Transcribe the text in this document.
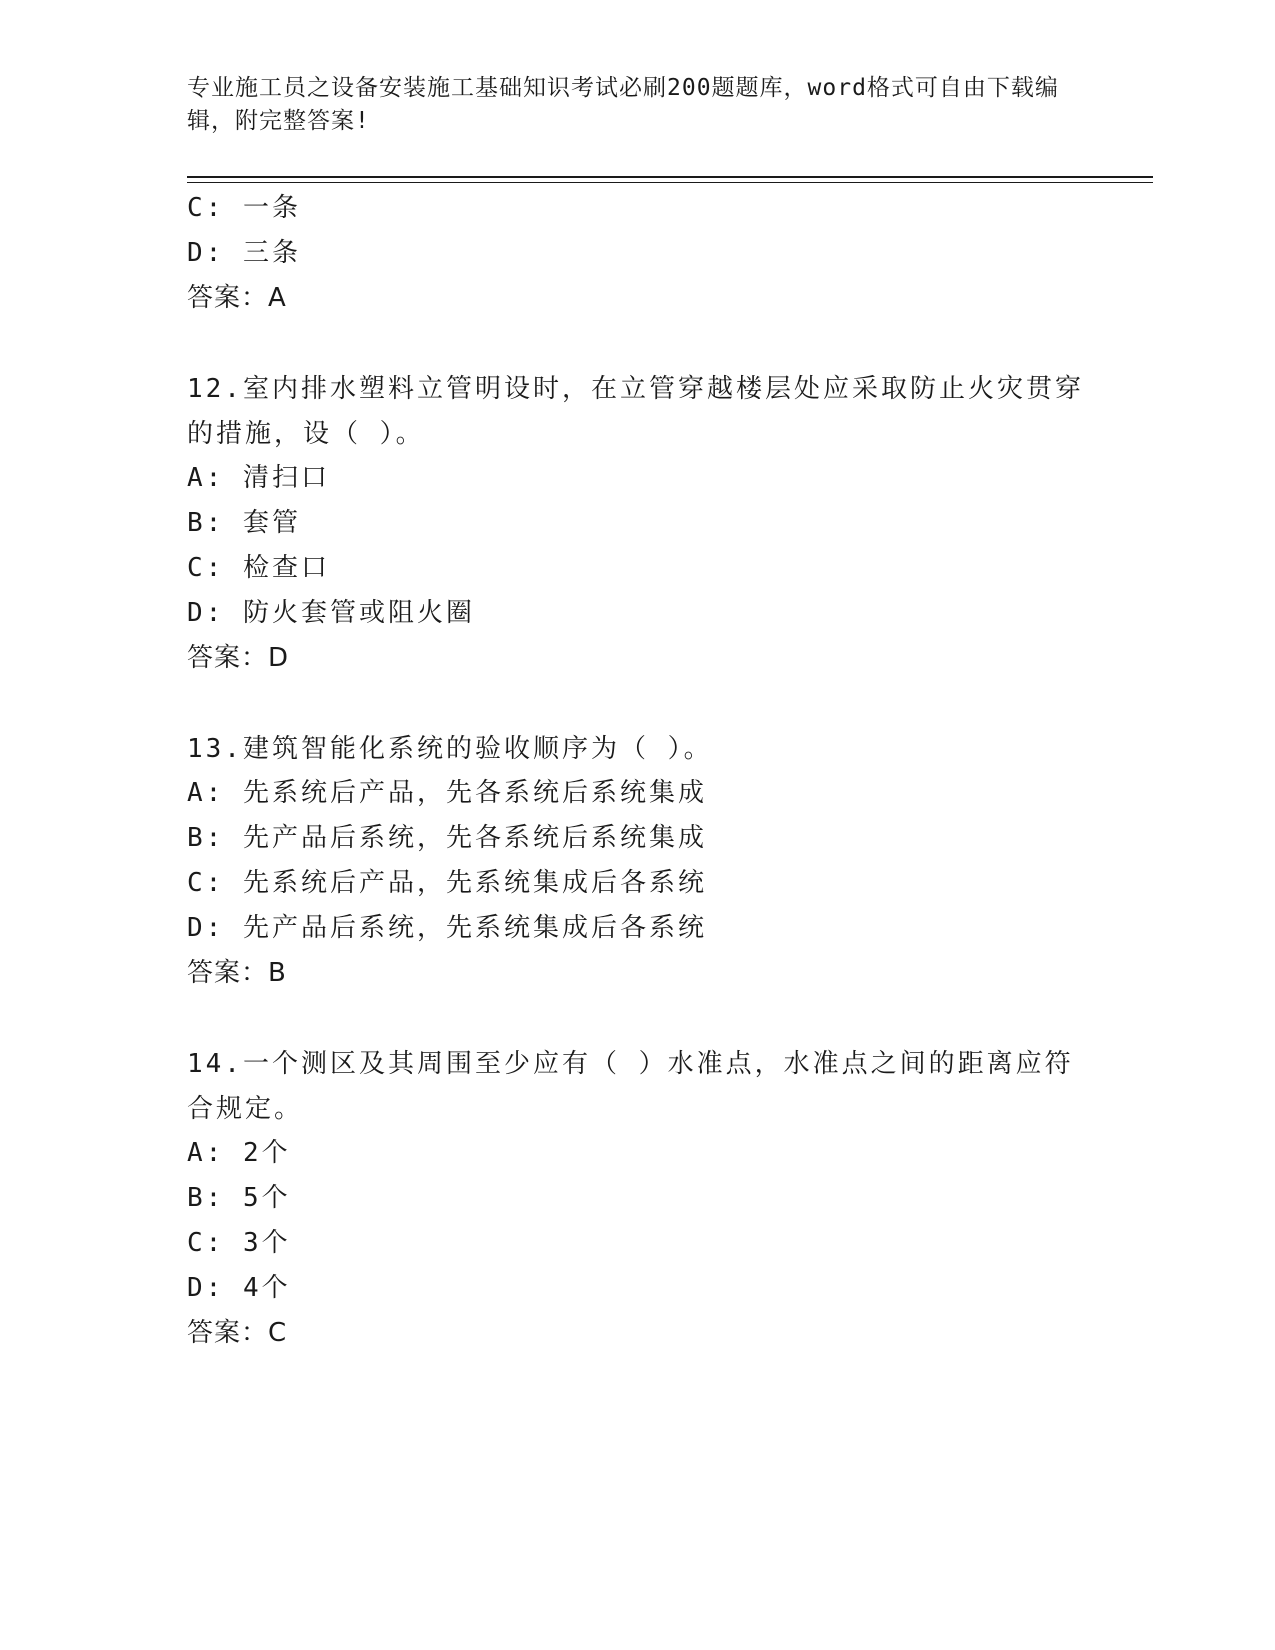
专业施工员之设备安装施工基础知识考试必刷200题题库，word格式可自由下载编辑，附完整答案!
C: 一条
D: 三条
答案：A
12.室内排水塑料立管明设时，在立管穿越楼层处应采取防止火灾贯穿的措施，设（ ）。
A: 清扫口
B: 套管
C: 检查口
D: 防火套管或阻火圈
答案：D
13.建筑智能化系统的验收顺序为（ ）。
A: 先系统后产品，先各系统后系统集成
B: 先产品后系统，先各系统后系统集成
C: 先系统后产品，先系统集成后各系统
D: 先产品后系统，先系统集成后各系统
答案：B
14.一个测区及其周围至少应有（ ）水准点，水准点之间的距离应符合规定。
A: 2个
B: 5个
C: 3个
D: 4个
答案：C
